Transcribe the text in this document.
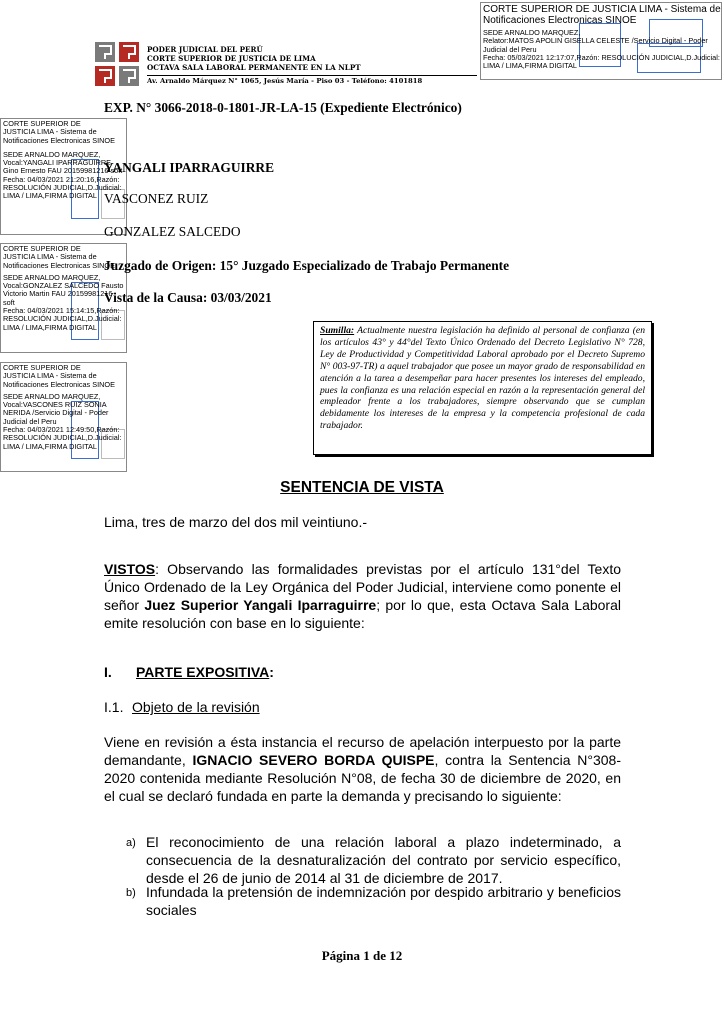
PODER JUDICIAL DEL PERÚ
CORTE SUPERIOR DE JUSTICIA DE LIMA
OCTAVA SALA LABORAL PERMANENTE EN LA NLPT
Av. Arnaldo Márquez N° 1065, Jesús María - Piso 03 - Teléfono: 4101818
CORTE SUPERIOR DE JUSTICIA LIMA - Sistema de
Notificaciones Electronicas SINOE
SEDE ARNALDO MARQUEZ,
Relator:MATOS APOLIN GISELLA CELESTE /Servicio Digital - Poder
Judicial del Peru
Fecha: 05/03/2021 12:17:07,Razón: RESOLUCIÓN JUDICIAL,D.Judicial:
LIMA / LIMA,FIRMA DIGITAL
CORTE SUPERIOR DE
JUSTICIA LIMA - Sistema de
Notificaciones Electronicas SINOE
SEDE ARNALDO MARQUEZ,
Vocal:YANGALI IPARRAGUIRRE
Gino Ernesto FAU 20159981216 soft
Fecha: 04/03/2021 21:20:16,Razón:
RESOLUCIÓN JUDICIAL,D.Judicial:
LIMA / LIMA,FIRMA DIGITAL
CORTE SUPERIOR DE
JUSTICIA LIMA - Sistema de
Notificaciones Electronicas SINOE
SEDE ARNALDO MARQUEZ,
Vocal:GONZALEZ SALCEDO Fausto
Victorio Martin FAU 20159981216
soft
Fecha: 04/03/2021 15:14:15,Razón:
RESOLUCIÓN JUDICIAL,D.Judicial:
LIMA / LIMA,FIRMA DIGITAL
CORTE SUPERIOR DE
JUSTICIA LIMA - Sistema de
Notificaciones Electronicas SINOE
SEDE ARNALDO MARQUEZ,
Vocal:VASCONES RUIZ SONIA
NERIDA /Servicio Digital - Poder
Judicial del Peru
Fecha: 04/03/2021 12:49:50,Razón:
RESOLUCIÓN JUDICIAL,D.Judicial:
LIMA / LIMA,FIRMA DIGITAL
EXP. N° 3066-2018-0-1801-JR-LA-15 (Expediente Electrónico)
YANGALI IPARRAGUIRRE
VASCONEZ RUIZ
GONZALEZ SALCEDO
Juzgado de Origen: 15° Juzgado Especializado de Trabajo Permanente
Vista de la Causa: 03/03/2021
Sumilla: Actualmente nuestra legislación ha definido al personal de confianza (en los artículos 43° y 44°del Texto Único Ordenado del Decreto Legislativo N° 728, Ley de Productividad y Competitividad Laboral aprobado por el Decreto Supremo N° 003-97-TR) a aquel trabajador que posee un mayor grado de responsabilidad en atención a la tarea a desempeñar para hacer presentes los intereses del empleado, pues la confianza es una relación especial en razón a la representación general del empleador frente a los trabajadores, siempre observando que se cumplan debidamente los intereses de la empresa y la competencia profesional de cada trabajador.
SENTENCIA DE VISTA
Lima, tres de marzo del dos mil veintiuno.-
VISTOS: Observando las formalidades previstas por el artículo 131°del Texto Único Ordenado de la Ley Orgánica del Poder Judicial, interviene como ponente el señor Juez Superior Yangali Iparraguirre; por lo que, esta Octava Sala Laboral emite resolución con base en lo siguiente:
I. PARTE EXPOSITIVA:
I.1. Objeto de la revisión
Viene en revisión a ésta instancia el recurso de apelación interpuesto por la parte demandante, IGNACIO SEVERO BORDA QUISPE, contra la Sentencia N°308-2020 contenida mediante Resolución N°08, de fecha 30 de diciembre de 2020, en el cual se declaró fundada en parte la demanda y precisando lo siguiente:
a) El reconocimiento de una relación laboral a plazo indeterminado, a consecuencia de la desnaturalización del contrato por servicio específico, desde el 26 de junio de 2014 al 31 de diciembre de 2017.
b) Infundada la pretensión de indemnización por despido arbitrario y beneficios sociales
Página 1 de 12
